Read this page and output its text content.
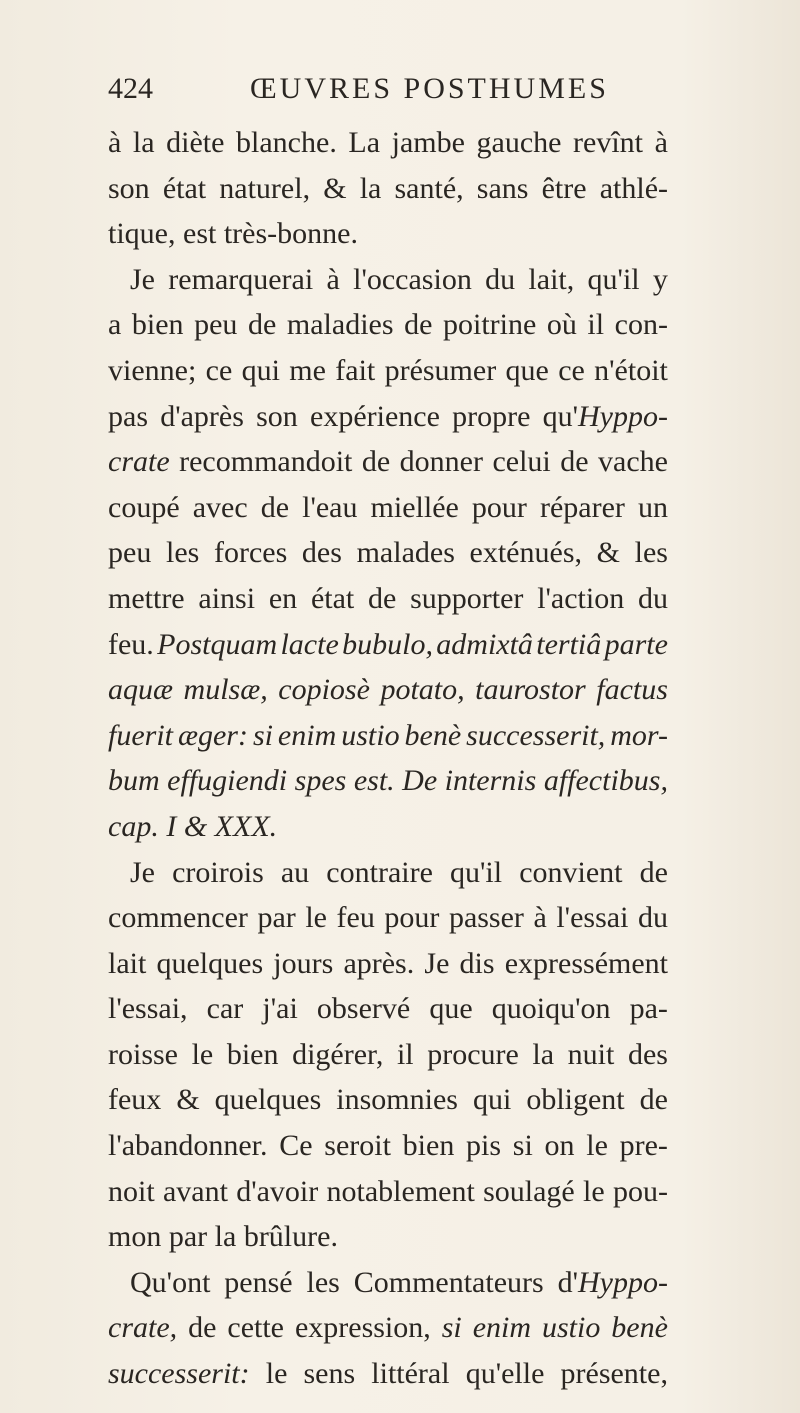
424	ŒUVRES POSTHUMES
à la diète blanche. La jambe gauche revînt à
son état naturel, & la santé, sans être athlé-
tique,
est
très-bonne.
Je remarquerai à l'occasion du lait, qu'il y
a bien peu de maladies de poitrine où il con-
vienne; ce qui me fait présumer que ce n'étoit
pas d'après son expérience propre qu'Hyppo-
crate recommandoit de donner celui de vache
coupé avec de l'eau miellée pour réparer un
peu les forces des malades exténués, & les
mettre ainsi en état de supporter l'action du
feu. Postquam lacte bubulo, admixtâ tertiâ parte
aquæ mulsæ, copiosè potato, taurostor factus
fuerit æger: si enim ustio benè successerit, mor-
bum effugiendi spes est. De internis affectibus,
cap.
I
&
XXX.
Je croirois au contraire qu'il convient de
commencer par le feu pour passer à l'essai du
lait quelques jours après. Je dis expressément
l'essai, car j'ai observé que quoiqu'on pa-
roisse le bien digérer, il procure la nuit des
feux & quelques insomnies qui obligent de
l'abandonner. Ce seroit bien pis si on le pre-
noit avant d'avoir notablement soulagé le pou-
mon
par
la
brûlure.
Qu'ont pensé les Commentateurs d'Hyppo-
crate, de cette expression, si enim ustio benè
successerit: le sens littéral qu'elle présente,
